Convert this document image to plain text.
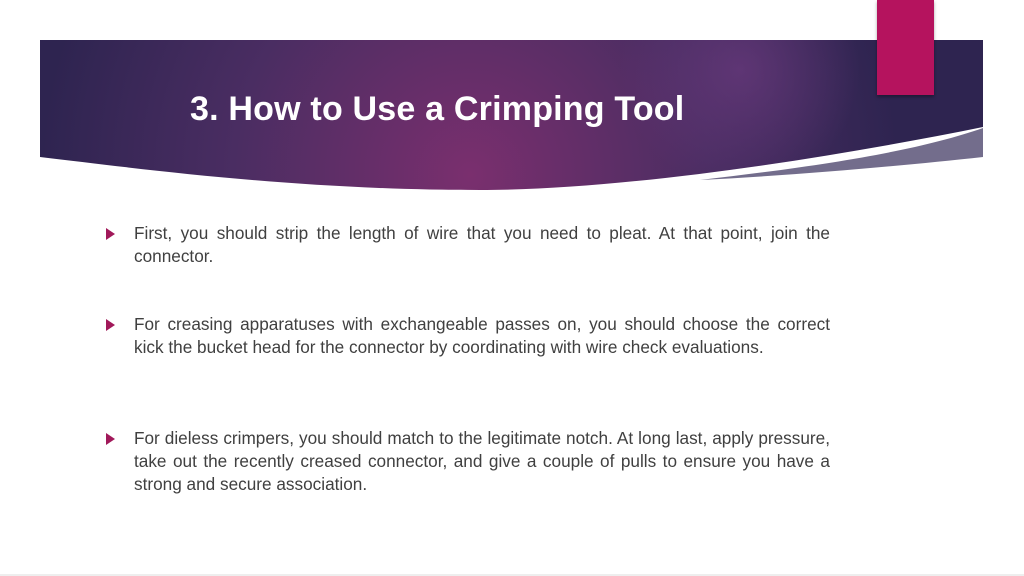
3. How to Use a Crimping Tool
First, you should strip the length of wire that you need to pleat. At that point, join the connector.
For creasing apparatuses with exchangeable passes on, you should choose the correct kick the bucket head for the connector by coordinating with wire check evaluations.
For dieless crimpers, you should match to the legitimate notch. At long last, apply pressure, take out the recently creased connector, and give a couple of pulls to ensure you have a strong and secure association.
